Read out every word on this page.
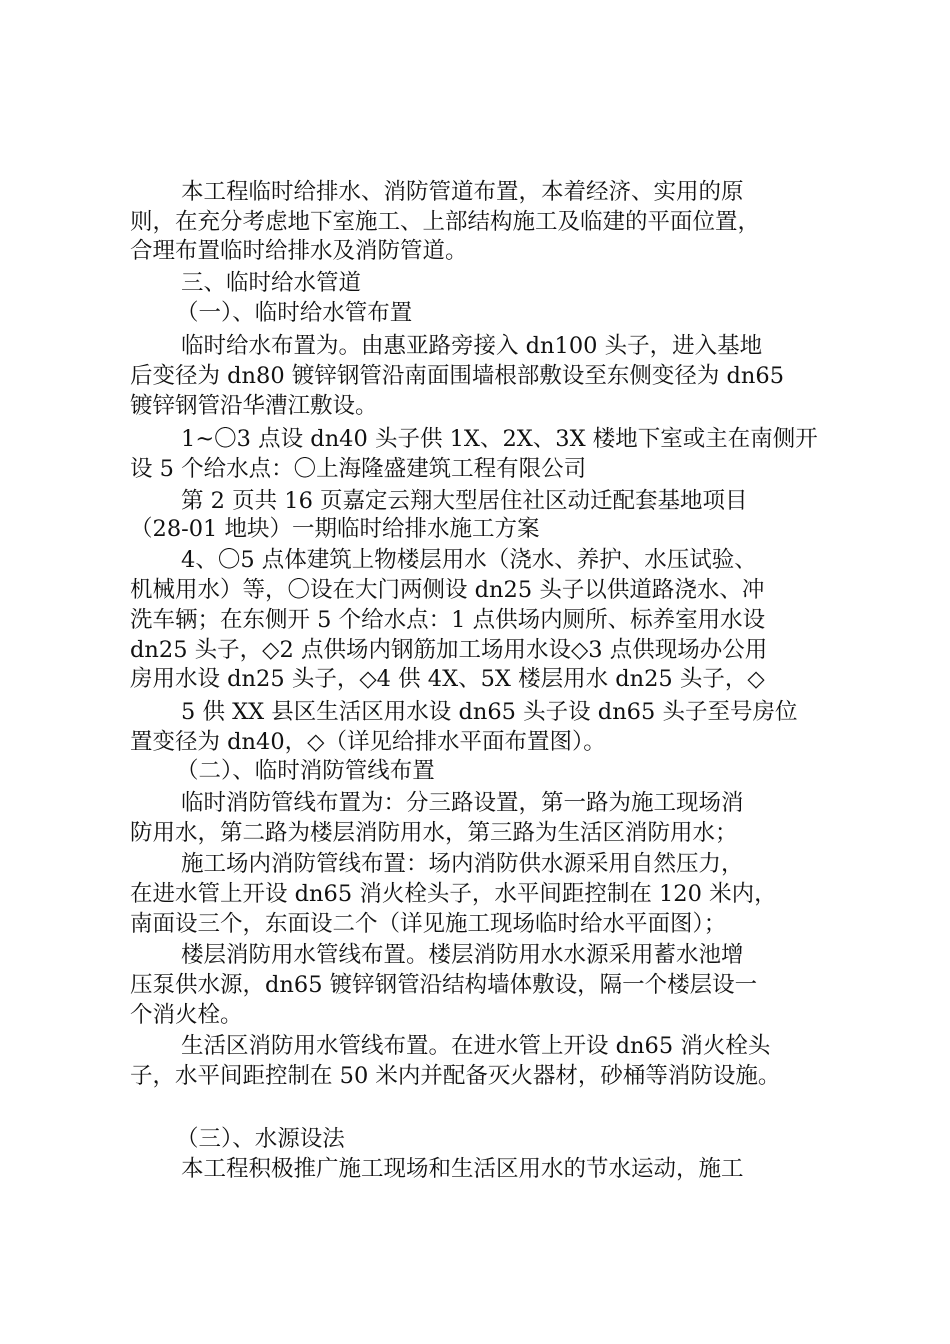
本工程临时给排水、消防管道布置，本着经济、实用的原
则，在充分考虑地下室施工、上部结构施工及临建的平面位置，
合理布置临时给排水及消防管道。
三、临时给水管道
（一）、临时给水管布置
临时给水布置为。由惠亚路旁接入 dn100 头子，进入基地
后变径为 dn80 镀锌钢管沿南面围墙根部敷设至东侧变径为 dn65
镀锌钢管沿华漕江敷设。
1~〇3 点设 dn40 头子供 1X、2X、3X 楼地下室或主在南侧开
设 5 个给水点：〇上海隆盛建筑工程有限公司
第 2 页共 16 页嘉定云翔大型居住社区动迁配套基地项目
（28-01 地块）一期临时给排水施工方案
4、〇5 点体建筑上物楼层用水（浇水、养护、水压试验、
机械用水）等，〇设在大门两侧设 dn25 头子以供道路浇水、冲
洗车辆；在东侧开 5 个给水点：1 点供场内厕所、标养室用水设
dn25 头子，◇2 点供场内钢筋加工场用水设◇3 点供现场办公用
房用水设 dn25 头子，◇4 供 4X、5X 楼层用水 dn25 头子，◇
5 供 XX 县区生活区用水设 dn65 头子设 dn65 头子至号房位
置变径为 dn40，◇（详见给排水平面布置图）。
（二）、临时消防管线布置
临时消防管线布置为：分三路设置，第一路为施工现场消
防用水，第二路为楼层消防用水，第三路为生活区消防用水；
施工场内消防管线布置：场内消防供水源采用自然压力，
在进水管上开设 dn65 消火栓头子，水平间距控制在 120 米内，
南面设三个，东面设二个（详见施工现场临时给水平面图）；
楼层消防用水管线布置。楼层消防用水水源采用蓄水池增
压泵供水源，dn65 镀锌钢管沿结构墙体敷设，隔一个楼层设一
个消火栓。
生活区消防用水管线布置。在进水管上开设 dn65 消火栓头
子，水平间距控制在 50 米内并配备灭火器材，砂桶等消防设施。
（三）、水源设法
本工程积极推广施工现场和生活区用水的节水运动，施工
